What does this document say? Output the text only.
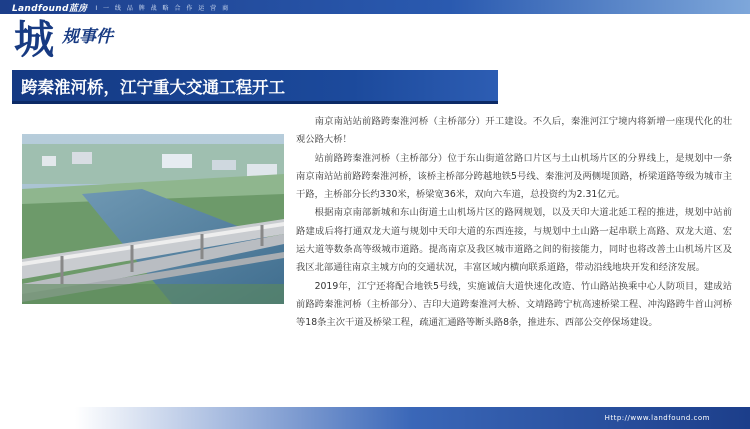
Landfound蓝房 I 一 线 品 牌 战 略 合 作 运 营 商
城 规事件
跨秦淮河桥，江宁重大交通工程开工

南京南站站前路跨秦淮河桥（主桥部分）开工建设。不久后，秦淮河江宁境内将新增一座现代化的壮观公路大桥！

站前路跨秦淮河桥（主桥部分）位于东山街道岔路口片区与土山机场片区的分界线上，是规划中一条南京南站站前路跨秦淮河桥，该桥主桥部分跨越地铁5号线、秦淮河及两侧堤顶路，桥梁道路等级为城市主干路，主桥部分长约330米，桥梁宽36米，双向六车道，总投资约为2.31亿元。

根据南京南部新城和东山街道土山机场片区的路网规划，以及天印大道北延工程的推进，规划中站前路建成后将打通双龙大道与规划中天印大道的东西连接，与规划中土山路一起串联上高路、双龙大道、宏运大道等数条高等级城市道路。提高南京及我区城市道路之间的衔接能力，同时也将改善土山机场片区及我区北部通往南京主城方向的交通状况，丰富区域内横向联系道路，带动沿线地块开发和经济发展。

2019年，江宁还将配合地铁5号线，实施诚信大道快速化改造、竹山路站换乘中心人防项目，建成站前路跨秦淮河桥（主桥部分）、吉印大道跨秦淮河大桥、文靖路跨宁杭高速桥梁工程、冲沟路跨牛首山河桥等18条主次干道及桥梁工程，疏通汇通路等断头路8条，推进东、西部公交停保场建设。

Http://www.landfound.com
